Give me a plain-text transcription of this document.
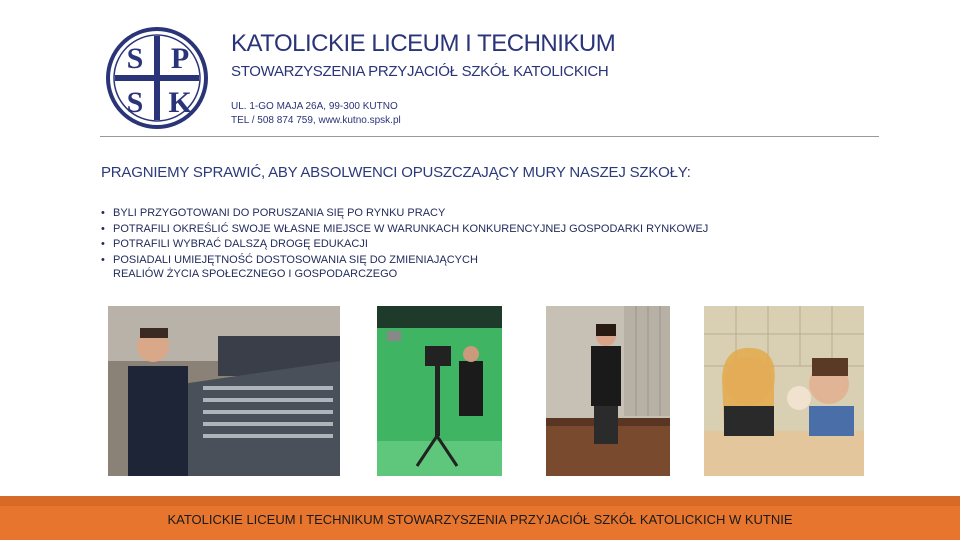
S P
S K
KATOLICKIE LICEUM I TECHNIKUM
STOWARZYSZENIA PRZYJACIÓŁ SZKÓŁ KATOLICKICH
UL. 1-GO MAJA 26A, 99-300 KUTNO
TEL / 508 874 759, www.kutno.spsk.pl
PRAGNIEMY SPRAWIĆ, ABY ABSOLWENCI OPUSZCZAJĄCY MURY NASZEJ SZKOŁY:
• BYLI PRZYGOTOWANI DO PORUSZANIA SIĘ PO RYNKU PRACY
• POTRAFILI OKREŚLIĆ SWOJE WŁASNE MIEJSCE W WARUNKACH KONKURENCYJNEJ GOSPODARKI RYNKOWEJ
• POTRAFILI WYBRAĆ DALSZĄ DROGĘ EDUKACJI
• POSIADALI UMIEJĘTNOŚĆ DOSTOSOWANIA SIĘ DO ZMIENIAJĄCYCH
REALIÓW ŻYCIA SPOŁECZNEGO I GOSPODARCZEGO
KATOLICKIE LICEUM I TECHNIKUM STOWARZYSZENIA PRZYJACIÓŁ SZKÓŁ KATOLICKICH W KUTNIE
